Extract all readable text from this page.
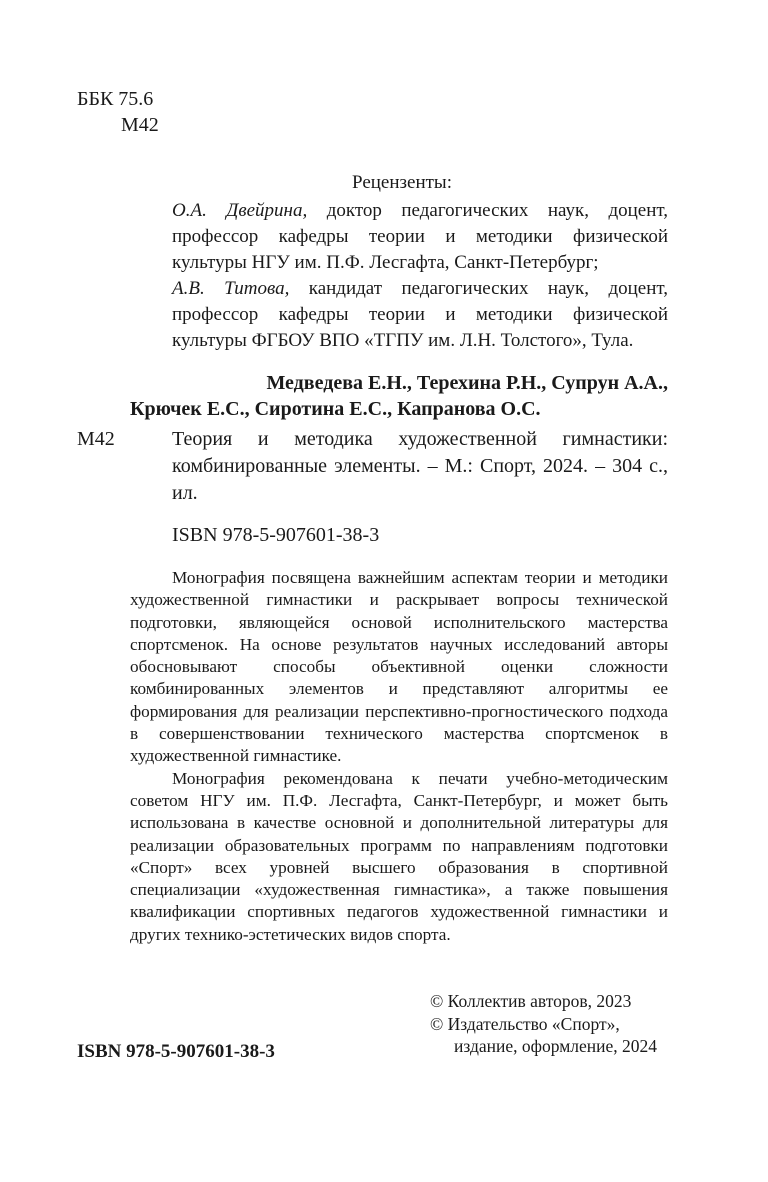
ББК 75.6
М42
Рецензенты:

О.А. Двейрина, доктор педагогических наук, доцент, профессор кафедры теории и методики физической культуры НГУ им. П.Ф. Лесгафта, Санкт-Петербург;

А.В. Титова, кандидат педагогических наук, доцент, профессор кафедры теории и методики физической культуры ФГБОУ ВПО «ТГПУ им. Л.Н. Толстого», Тула.

Медведева Е.Н., Терехина Р.Н., Супрун А.А.,
Крючек Е.С., Сиротина Е.С., Капранова О.С.
М42	Теория и методика художественной гимнастики: комбинированные элементы. – М.: Спорт, 2024. – 304 с., ил.
ISBN 978-5-907601-38-3

Монография посвящена важнейшим аспектам теории и методики художественной гимнастики и раскрывает вопросы технической подготовки, являющейся основой исполнительского мастерства спортсменок. На основе результатов научных исследований авторы обосновывают способы объективной оценки сложности комбинированных элементов и представляют алгоритмы ее формирования для реализации перспективно-прогностического подхода в совершенствовании технического мастерства спортсменок в художественной гимнастике.

Монография рекомендована к печати учебно-методическим советом НГУ им. П.Ф. Лесгафта, Санкт-Петербург, и может быть использована в качестве основной и дополнительной литературы для реализации образовательных программ по направлениям подготовки «Спорт» всех уровней высшего образования в спортивной специализации «художественная гимнастика», а также повышения квалификации спортивных педагогов художественной гимнастики и других технико-эстетических видов спорта.

© Коллектив авторов, 2023
© Издательство «Спорт»,
издание, оформление, 2024
ISBN 978-5-907601-38-3
